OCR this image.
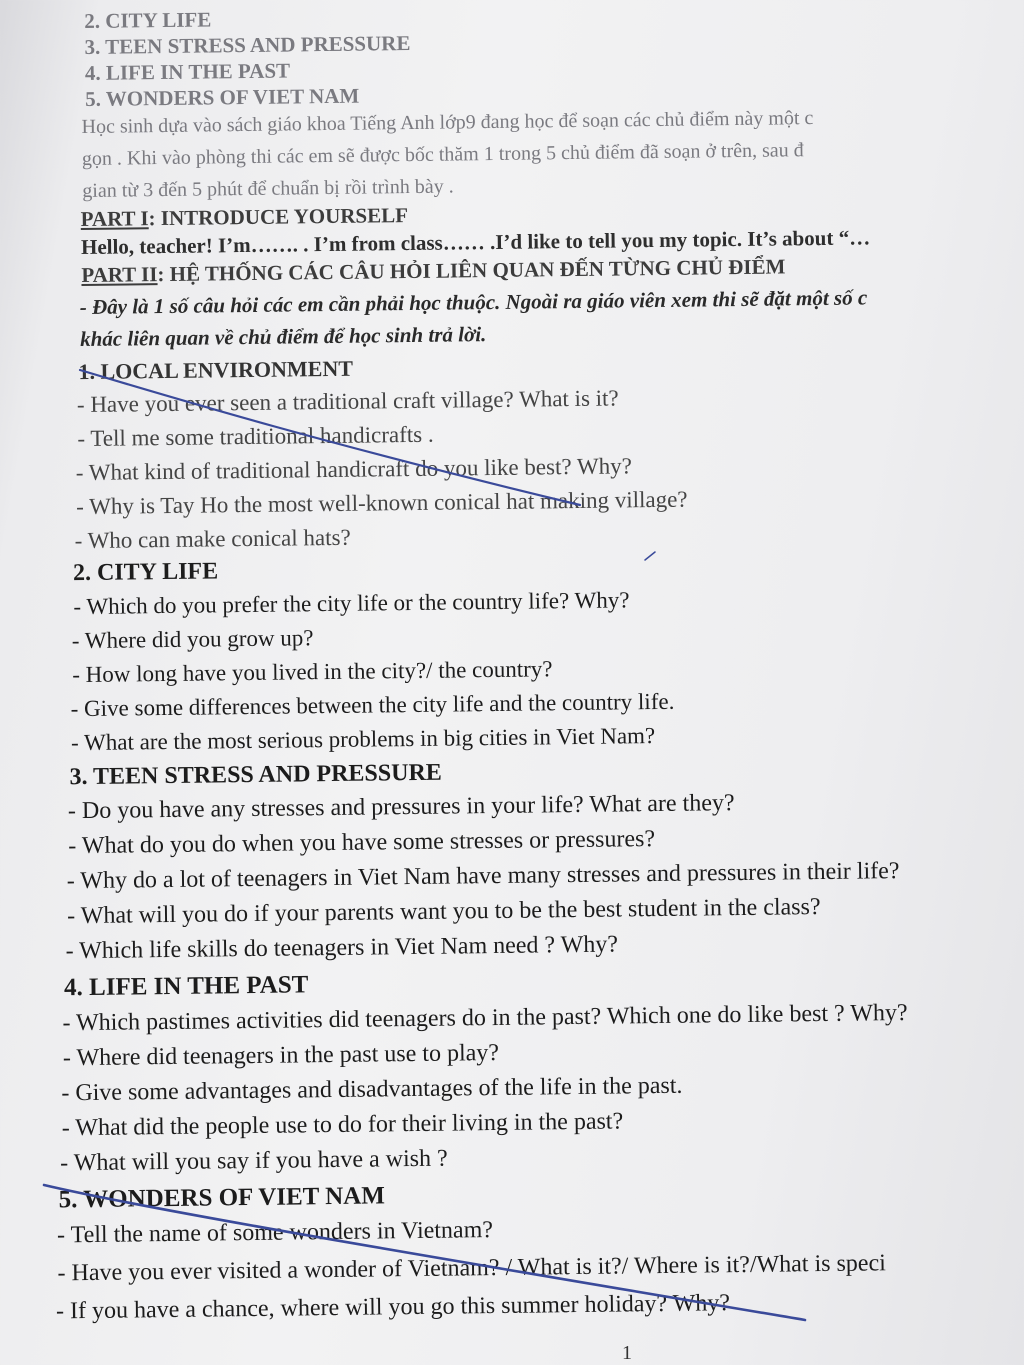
2. CITY LIFE
3. TEEN STRESS AND PRESSURE
4. LIFE IN THE PAST
5. WONDERS OF VIET NAM
Học sinh dựa vào sách giáo khoa Tiếng Anh lớp9 đang học để soạn các chủ điểm này một c
gọn . Khi vào phòng thi các em sẽ được bốc thăm 1 trong 5 chủ điểm đã soạn ở trên, sau đ
gian từ 3 đến 5 phút để chuẩn bị rồi trình bày .
PART I: INTRODUCE YOURSELF
Hello, teacher! I’m……. . I’m from class…… .I’d like to tell you my topic. It’s about “…
PART II: HỆ THỐNG CÁC CÂU HỎI LIÊN QUAN ĐẾN TỪNG CHỦ ĐIỂM
- Đây là 1 số câu hỏi các em cần phải học thuộc. Ngoài ra giáo viên xem thi sẽ đặt một số c
khác liên quan về chủ điểm để học sinh trả lời.
1. LOCAL ENVIRONMENT
- Have you ever seen a traditional craft village? What is it?
- Tell me some traditional handicrafts .
- What kind of traditional handicraft do you like best? Why?
- Why is Tay Ho the most well-known conical hat making village?
- Who can make conical hats?
2. CITY LIFE
- Which do you prefer the city life or the country life? Why?
- Where did you grow up?
- How long have you lived in the city?/ the country?
- Give some differences between the city life and the country life.
- What are the most serious problems in big cities in Viet Nam?
3. TEEN STRESS AND PRESSURE
- Do you have any stresses and pressures in your life? What are they?
- What do you do when you have some stresses or pressures?
- Why do a lot of teenagers in Viet Nam have many stresses and pressures in their life?
- What will you do if your parents want you to be the best student in the class?
- Which life skills do teenagers in Viet Nam need ? Why?
4. LIFE IN THE PAST
- Which pastimes activities did teenagers do in the past? Which one do like best ? Why?
- Where did teenagers in the past use to play?
- Give some advantages and disadvantages of the life in the past.
- What did the people use to do for their living in the past?
- What will you say if you have a wish ?
5. WONDERS OF VIET NAM
- Tell the name of some wonders in Vietnam?
- Have you ever visited a wonder of Vietnam? / What is it?/ Where is it?/What is speci
- If you have a chance, where will you go this summer holiday? Why?
1
